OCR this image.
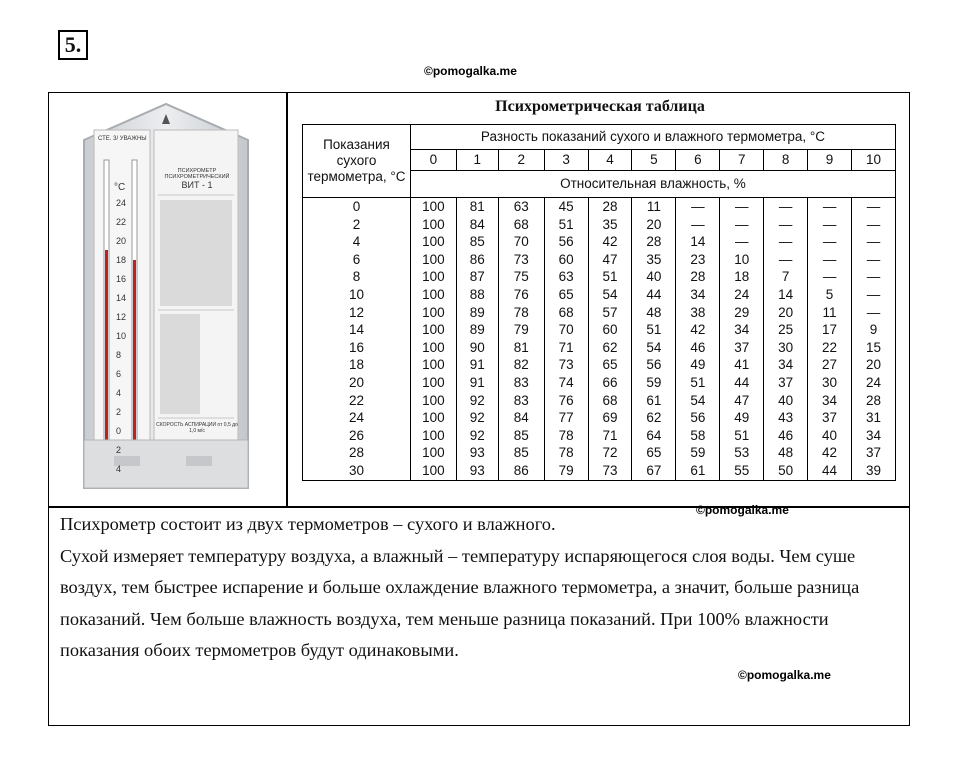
5.
©pomogalka.me
СТЕ. 3/ УВАЖНЫ
ПСИХРОМЕТР ПСИХРОМЕТРИЧЕСКИЙ
ВИТ - 1
°C
24
22
20
18
16
14
12
10
8
6
4
2
0
2
4
СКОРОСТЬ АСПИРАЦИИ от 0,5 до 1,0 м/с
Психрометрическая таблица
Показания сухого термометра, °С	Разность показаний сухого и влажного термометра, °С										
	0	1	2	3	4	5	6	7	8	9	10
	Относительная влажность, %										
0	100	81	63	45	28	11	—	—	—	—	—
2	100	84	68	51	35	20	—	—	—	—	—
4	100	85	70	56	42	28	14	—	—	—	—
6	100	86	73	60	47	35	23	10	—	—	—
8	100	87	75	63	51	40	28	18	7	—	—
10	100	88	76	65	54	44	34	24	14	5	—
12	100	89	78	68	57	48	38	29	20	11	—
14	100	89	79	70	60	51	42	34	25	17	9
16	100	90	81	71	62	54	46	37	30	22	15
18	100	91	82	73	65	56	49	41	34	27	20
20	100	91	83	74	66	59	51	44	37	30	24
22	100	92	83	76	68	61	54	47	40	34	28
24	100	92	84	77	69	62	56	49	43	37	31
26	100	92	85	78	71	64	58	51	46	40	34
28	100	93	85	78	72	65	59	53	48	42	37
30	100	93	86	79	73	67	61	55	50	44	39
©pomogalka.me

Психрометр состоит из двух термометров – сухого и влажного.

Сухой измеряет температуру воздуха, а влажный – температуру испаряющегося слоя воды. Чем суше воздух, тем быстрее испарение и больше охлаждение влажного термометра, а значит, больше разница показаний. Чем больше влажность воздуха, тем меньше разница показаний. При 100% влажности показания обоих термометров будут одинаковыми.

©pomogalka.me
